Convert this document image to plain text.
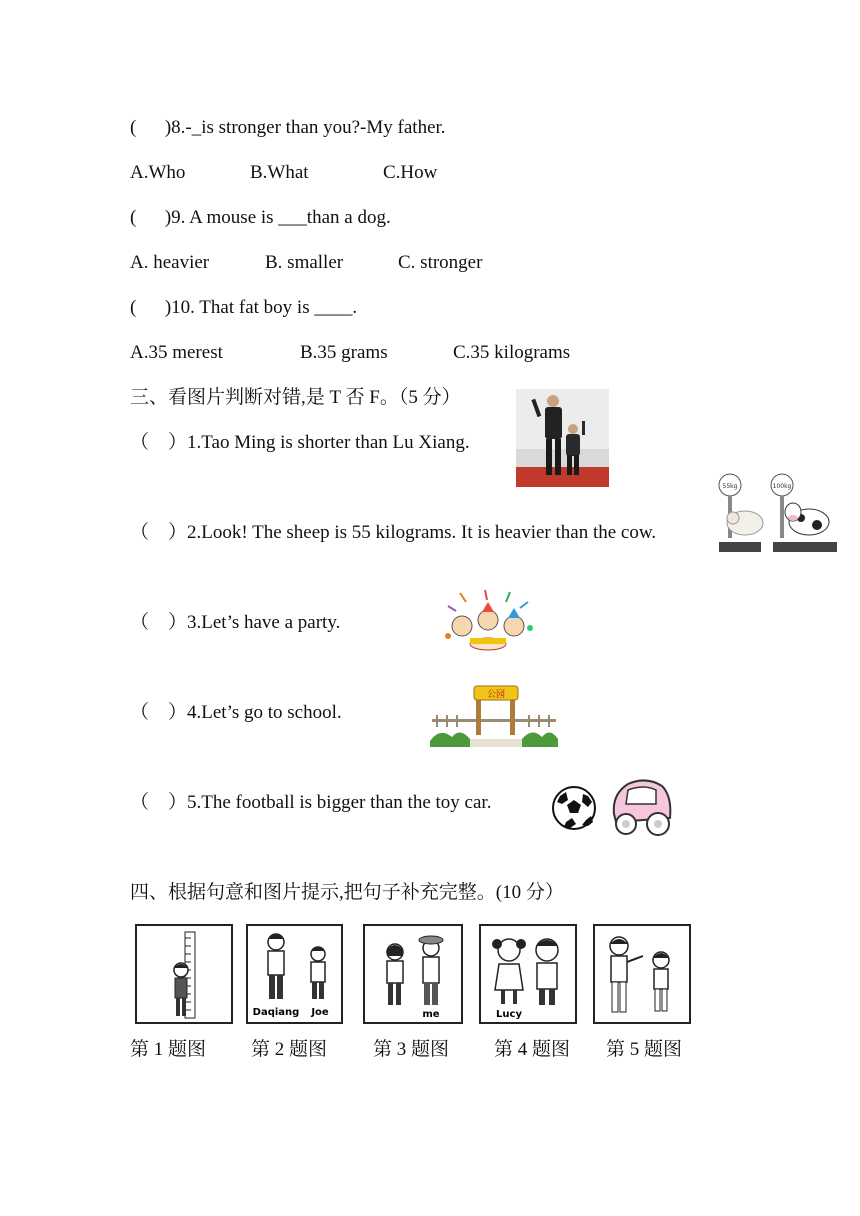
(      )8.-_is stronger than you?-My father.
A.Who	B.What	C.How
(      )9. A mouse is ___than a dog.
A. heavier	B. smaller	C. stronger
(      )10. That fat boy is ____.
A.35 merest	B.35 grams	C.35 kilograms
三、看图片判断对错,是 T 否 F。（5 分）
（    ）1.Tao Ming is shorter than Lu Xiang.
（    ）2.Look! The sheep is 55 kilograms. It is heavier than the cow.
（    ）3.Let’s have a party.
（    ）4.Let’s go to school.
（    ）5.The football is bigger than the toy car.
55kg	100kg
公园
四、根据句意和图片提示,把句子补充完整。(10 分）
Daqiang Joe	me	Lucy
第 1 题图 第 2 题图 第 3 题图 第 4 题图 第 5 题图
